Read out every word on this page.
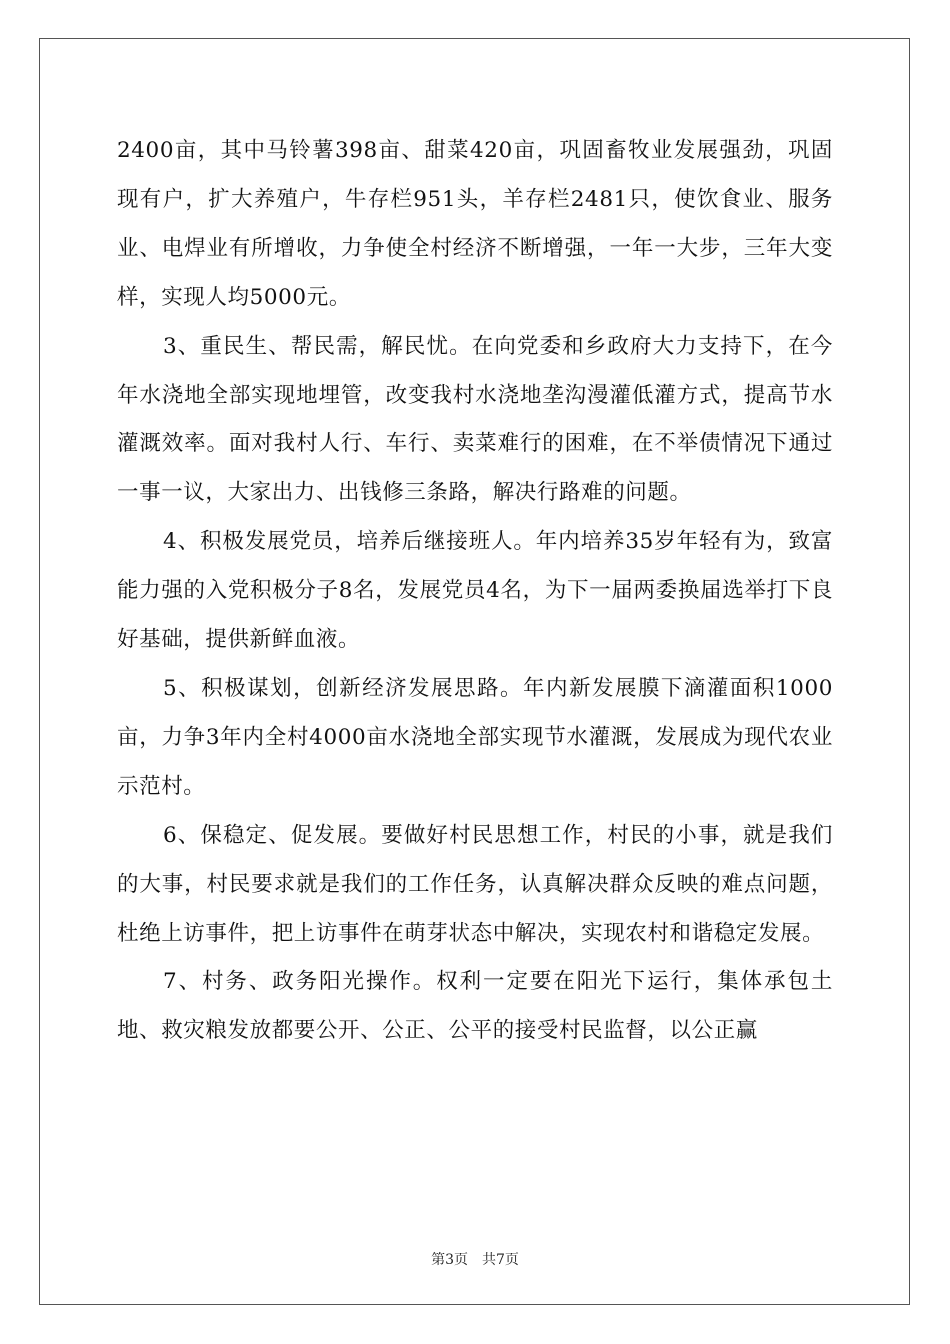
2400亩，其中马铃薯398亩、甜菜420亩，巩固畜牧业发展强劲，巩固现有户，扩大养殖户，牛存栏951头，羊存栏2481只，使饮食业、服务业、电焊业有所增收，力争使全村经济不断增强，一年一大步，三年大变样，实现人均5000元。

3、重民生、帮民需，解民忧。在向党委和乡政府大力支持下，在今年水浇地全部实现地埋管，改变我村水浇地垄沟漫灌低灌方式，提高节水灌溉效率。面对我村人行、车行、卖菜难行的困难，在不举债情况下通过一事一议，大家出力、出钱修三条路，解决行路难的问题。

4、积极发展党员，培养后继接班人。年内培养35岁年轻有为，致富能力强的入党积极分子8名，发展党员4名，为下一届两委换届选举打下良好基础，提供新鲜血液。

5、积极谋划，创新经济发展思路。年内新发展膜下滴灌面积1000亩，力争3年内全村4000亩水浇地全部实现节水灌溉，发展成为现代农业示范村。

6、保稳定、促发展。要做好村民思想工作，村民的小事，就是我们的大事，村民要求就是我们的工作任务，认真解决群众反映的难点问题，杜绝上访事件，把上访事件在萌芽状态中解决，实现农村和谐稳定发展。

7、村务、政务阳光操作。权利一定要在阳光下运行，集体承包土地、救灾粮发放都要公开、公正、公平的接受村民监督，以公正赢

第3页 共7页
